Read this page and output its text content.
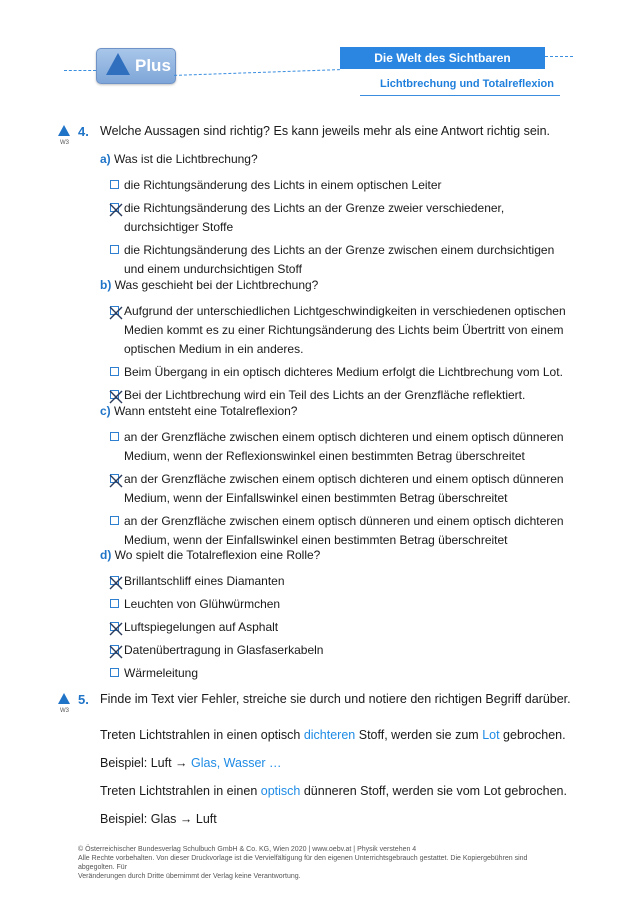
Plus	Die Welt des Sichtbaren
Lichtbrechung und Totalreflexion
W3
4. Welche Aussagen sind richtig? Es kann jeweils mehr als eine Antwort richtig sein.
a) Was ist die Lichtbrechung?
die Richtungsänderung des Lichts in einem optischen Leiter
die Richtungsänderung des Lichts an der Grenze zweier verschiedener,
durchsichtiger Stoffe
die Richtungsänderung des Lichts an der Grenze zwischen einem durchsichtigen
und einem undurchsichtigen Stoff
b) Was geschieht bei der Lichtbrechung?
Aufgrund der unterschiedlichen Lichtgeschwindigkeiten in verschiedenen optischen
Medien kommt es zu einer Richtungsänderung des Lichts beim Übertritt von einem
optischen Medium in ein anderes.
Beim Übergang in ein optisch dichteres Medium erfolgt die Lichtbrechung vom Lot.
Bei der Lichtbrechung wird ein Teil des Lichts an der Grenzfläche reflektiert.
c) Wann entsteht eine Totalreflexion?
an der Grenzfläche zwischen einem optisch dichteren und einem optisch dünneren
Medium, wenn der Reflexionswinkel einen bestimmten Betrag überschreitet
an der Grenzfläche zwischen einem optisch dichteren und einem optisch dünneren
Medium, wenn der Einfallswinkel einen bestimmten Betrag überschreitet
an der Grenzfläche zwischen einem optisch dünneren und einem optisch dichteren
Medium, wenn der Einfallswinkel einen bestimmten Betrag überschreitet
d) Wo spielt die Totalreflexion eine Rolle?
Brillantschliff eines Diamanten
Leuchten von Glühwürmchen
Luftspiegelungen auf Asphalt
Datenübertragung in Glasfaserkabeln
Wärmeleitung
W3
5. Finde im Text vier Fehler, streiche sie durch und notiere den richtigen Begriff darüber.
Treten Lichtstrahlen in einen optisch dichteren Stoff, werden sie zum Lot gebrochen.
Beispiel: Luft → Glas, Wasser …
Treten Lichtstrahlen in einen optisch dünneren Stoff, werden sie vom Lot gebrochen.
Beispiel: Glas → Luft
© Österreichischer Bundesverlag Schulbuch GmbH & Co. KG, Wien 2020 | www.oebv.at | Physik verstehen 4
Alle Rechte vorbehalten. Von dieser Druckvorlage ist die Vervielfältigung für den eigenen Unterrichtsgebrauch gestattet. Die Kopiergebühren sind abgegolten. Für
Veränderungen durch Dritte übernimmt der Verlag keine Verantwortung.
